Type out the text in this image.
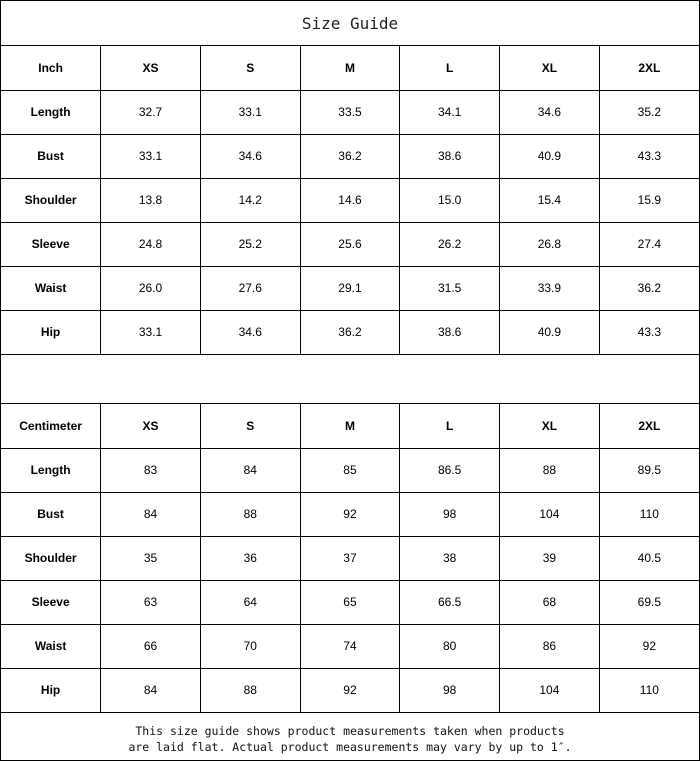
Size Guide
Inch	XS	S	M	L	XL	2XL
Length	32.7	33.1	33.5	34.1	34.6	35.2
Bust	33.1	34.6	36.2	38.6	40.9	43.3
Shoulder	13.8	14.2	14.6	15.0	15.4	15.9
Sleeve	24.8	25.2	25.6	26.2	26.8	27.4
Waist	26.0	27.6	29.1	31.5	33.9	36.2
Hip	33.1	34.6	36.2	38.6	40.9	43.3
Centimeter	XS	S	M	L	XL	2XL
Length	83	84	85	86.5	88	89.5
Bust	84	88	92	98	104	110
Shoulder	35	36	37	38	39	40.5
Sleeve	63	64	65	66.5	68	69.5
Waist	66	70	74	80	86	92
Hip	84	88	92	98	104	110
This size guide shows product measurements taken when products
are laid flat. Actual product measurements may vary by up to 1″.
